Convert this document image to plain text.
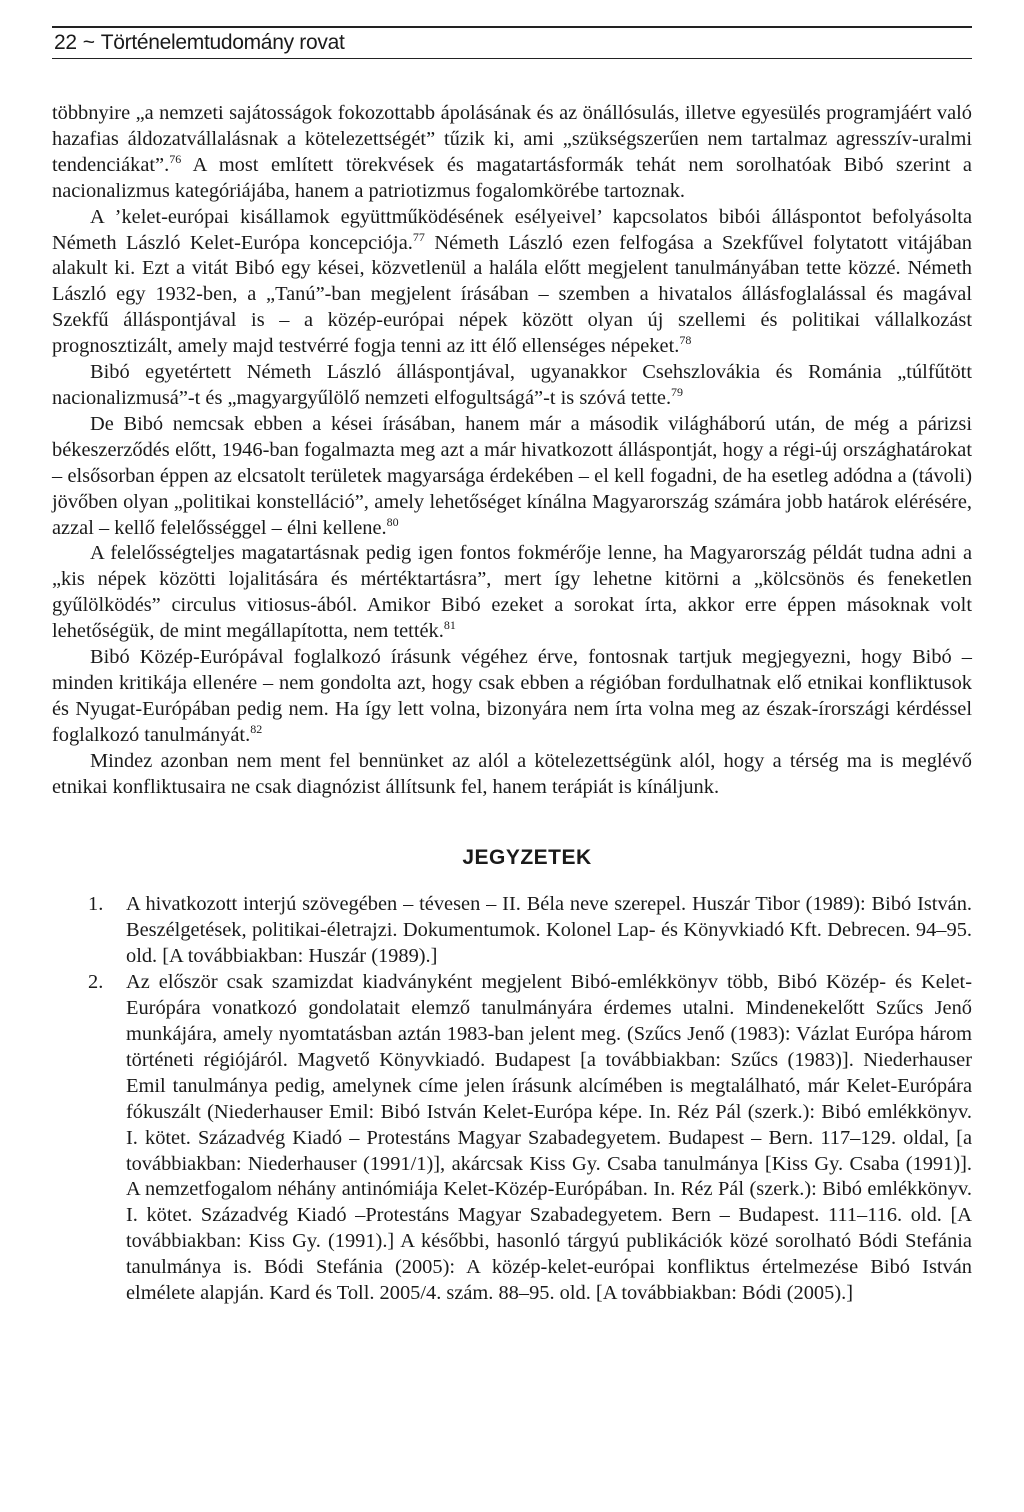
22 ~ Történelemtudomány rovat

többnyire „a nemzeti sajátosságok fokozottabb ápolásának és az önállósulás, illetve egyesülés programjáért való hazafias áldozatvállalásnak a kötelezettségét” tűzik ki, ami „szükségszerűen nem tartalmaz agresszív-uralmi tendenciákat”.$^{76}$ A most említett törekvések és magatartásformák tehát nem sorolhatóak Bibó szerint a nacionalizmus kategóriájába, hanem a patriotizmus fogalomkörébe tartoznak.

A ’kelet-európai kisállamok együttműködésének esélyeivel’ kapcsolatos bibói álláspontot befolyásolta Németh László Kelet-Európa koncepciója.$^{77}$ Németh László ezen felfogása a Szekfűvel folytatott vitájában alakult ki. Ezt a vitát Bibó egy kései, közvetlenül a halála előtt megjelent tanulmányában tette közzé. Németh László egy 1932-ben, a „Tanú”-ban megjelent írásában – szemben a hivatalos állásfoglalással és magával Szekfű álláspontjával is – a közép-európai népek között olyan új szellemi és politikai vállalkozást prognosztizált, amely majd testvérré fogja tenni az itt élő ellenséges népeket.$^{78}$

Bibó egyetértett Németh László álláspontjával, ugyanakkor Csehszlovákia és Románia „túlfűtött nacionalizmusá”-t és „magyargyűlölő nemzeti elfogultságá”-t is szóvá tette.$^{79}$

De Bibó nemcsak ebben a kései írásában, hanem már a második világháború után, de még a párizsi békeszerződés előtt, 1946-ban fogalmazta meg azt a már hivatkozott álláspontját, hogy a régi-új országhatárokat – elsősorban éppen az elcsatolt területek magyarsága érdekében – el kell fogadni, de ha esetleg adódna a (távoli) jövőben olyan „politikai konstelláció”, amely lehetőséget kínálna Magyarország számára jobb határok elérésére, azzal – kellő felelősséggel – élni kellene.$^{80}$

A felelősségteljes magatartásnak pedig igen fontos fokmérője lenne, ha Magyarország példát tudna adni a „kis népek közötti lojalitására és mértéktartásra”, mert így lehetne kitörni a „kölcsönös és feneketlen gyűlölködés” circulus vitiosus-ából. Amikor Bibó ezeket a sorokat írta, akkor erre éppen másoknak volt lehetőségük, de mint megállapította, nem tették.$^{81}$

Bibó Közép-Európával foglalkozó írásunk végéhez érve, fontosnak tartjuk megjegyezni, hogy Bibó – minden kritikája ellenére – nem gondolta azt, hogy csak ebben a régióban fordulhatnak elő etnikai konfliktusok és Nyugat-Európában pedig nem. Ha így lett volna, bizonyára nem írta volna meg az észak-írországi kérdéssel foglalkozó tanulmányát.$^{82}$

Mindez azonban nem ment fel bennünket az alól a kötelezettségünk alól, hogy a térség ma is meglévő etnikai konfliktusaira ne csak diagnózist állítsunk fel, hanem terápiát is kínáljunk.

JEGYZETEK
1.	A hivatkozott interjú szövegében – tévesen – II. Béla neve szerepel. Huszár Tibor (1989): Bibó István. Beszélgetések, politikai-életrajzi. Dokumentumok. Kolonel Lap- és Könyvkiadó Kft. Debrecen. 94–95. old. [A továbbiakban: Huszár (1989).]
2.	Az először csak szamizdat kiadványként megjelent Bibó-emlékkönyv több, Bibó Közép- és Kelet-Európára vonatkozó gondolatait elemző tanulmányára érdemes utalni. Mindenekelőtt Szűcs Jenő munkájára, amely nyomtatásban aztán 1983-ban jelent meg. (Szűcs Jenő (1983): Vázlat Európa három történeti régiójáról. Magvető Könyvkiadó. Budapest [a továbbiakban: Szűcs (1983)]. Niederhauser Emil tanulmánya pedig, amelynek címe jelen írásunk alcímében is megtalálható, már Kelet-Európára fókuszált (Niederhauser Emil: Bibó István Kelet-Európa képe. In. Réz Pál (szerk.): Bibó emlékkönyv. I. kötet. Századvég Kiadó – Protestáns Magyar Szabadegyetem. Budapest – Bern. 117–129. oldal, [a továbbiakban: Niederhauser (1991/1)], akárcsak Kiss Gy. Csaba tanulmánya [Kiss Gy. Csaba (1991)]. A nemzetfogalom néhány antinómiája Kelet-Közép-Európában. In. Réz Pál (szerk.): Bibó emlékkönyv. I. kötet. Századvég Kiadó –Protestáns Magyar Szabadegyetem. Bern – Budapest. 111–116. old. [A továbbiakban: Kiss Gy. (1991).] A későbbi, hasonló tárgyú publikációk közé sorolható Bódi Stefánia tanulmánya is. Bódi Stefánia (2005): A közép-kelet-európai konfliktus értelmezése Bibó István elmélete alapján. Kard és Toll. 2005/4. szám. 88–95. old. [A továbbiakban: Bódi (2005).]
